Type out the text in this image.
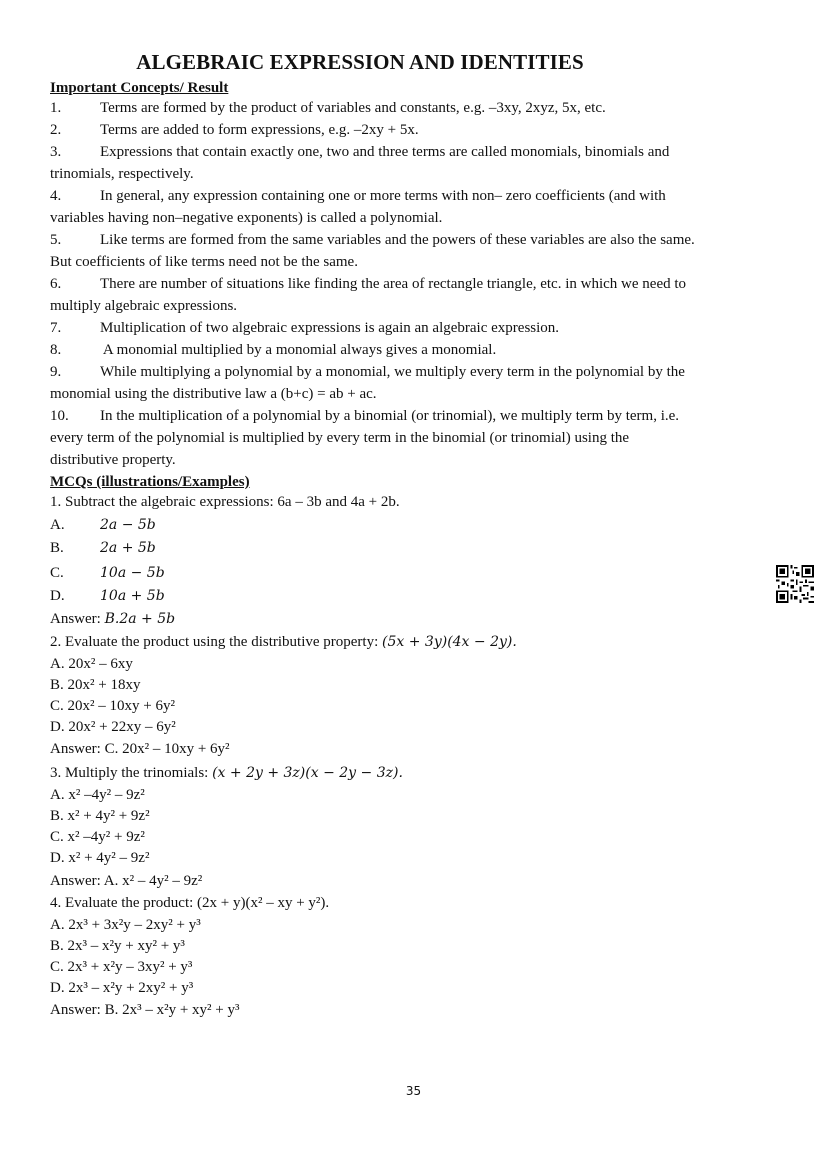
ALGEBRAIC EXPRESSION AND IDENTITIES
Important Concepts/ Result
1.	Terms are formed by the product of variables and constants, e.g. –3xy, 2xyz, 5x, etc.
2.	Terms are added to form expressions, e.g. –2xy + 5x.
3.	Expressions that contain exactly one, two and three terms are called monomials, binomials and
trinomials, respectively.
4.	In general, any expression containing one or more terms with non– zero coefficients (and with
variables having non–negative exponents) is called a polynomial.
5.	Like terms are formed from the same variables and the powers of these variables are also the same.
But coefficients of like terms need not be the same.
6.	There are number of situations like finding the area of rectangle triangle, etc. in which we need to
multiply algebraic expressions.
7.	Multiplication of two algebraic expressions is again an algebraic expression.
8.	A monomial multiplied by a monomial always gives a monomial.
9.	While multiplying a polynomial by a monomial, we multiply every term in the polynomial by the
monomial using the distributive law a (b+c) = ab + ac.
10. In the multiplication of a polynomial by a binomial (or trinomial), we multiply term by term, i.e.
every term of the polynomial is multiplied by every term in the binomial (or trinomial) using the
distributive property.
MCQs (illustrations/Examples)
1. Subtract the algebraic expressions: 6a – 3b and 4a + 2b.
A.	2a − 5b
B.	2a + 5b
C.	10a − 5b
D.	10a + 5b
Answer: B.2a + 5b
2. Evaluate the product using the distributive property: (5x + 3y)(4x − 2y).
A. 20x² – 6xy
B. 20x² + 18xy
C. 20x² – 10xy + 6y²
D. 20x² + 22xy – 6y²
Answer: C. 20x² – 10xy + 6y²
3. Multiply the trinomials: (x + 2y + 3z)(x − 2y − 3z).
A. x² –4y² – 9z²
B. x² + 4y² + 9z²
C. x² –4y² + 9z²
D. x² + 4y² – 9z²
Answer: A. x² – 4y² – 9z²
4. Evaluate the product: (2x + y)(x² – xy + y²).
A. 2x³ + 3x²y – 2xy² + y³
B. 2x³ – x²y + xy² + y³
C. 2x³ + x²y – 3xy² + y³
D. 2x³ – x²y + 2xy² + y³
Answer: B. 2x³ – x²y + xy² + y³
35
